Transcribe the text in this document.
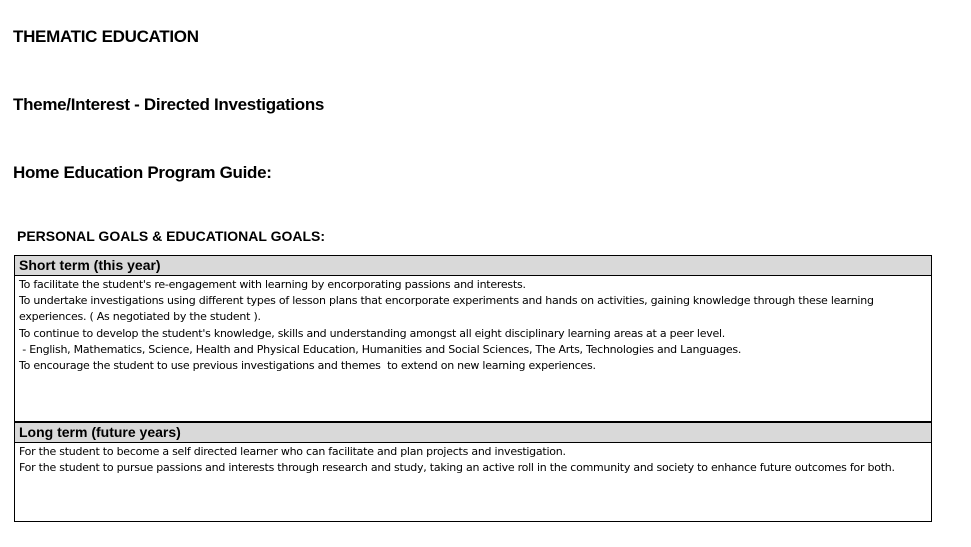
THEMATIC EDUCATION
Theme/Interest - Directed Investigations
Home Education Program Guide:
PERSONAL GOALS & EDUCATIONAL GOALS:
Short term (this year)

To facilitate the student's re-engagement with learning by encorporating passions and interests.

To undertake investigations using different types of lesson plans that encorporate experiments and hands on activities, gaining knowledge through these learning experiences. ( As negotiated by the student ).

To continue to develop the student's knowledge, skills and understanding amongst all eight disciplinary learning areas at a peer level.

- English, Mathematics, Science, Health and Physical Education, Humanities and Social Sciences, The Arts, Technologies and Languages.

To encourage the student to use previous investigations and themes  to extend on new learning experiences.

Long term (future years)

For the student to become a self directed learner who can facilitate and plan projects and investigation.

For the student to pursue passions and interests through research and study, taking an active roll in the community and society to enhance future outcomes for both.
